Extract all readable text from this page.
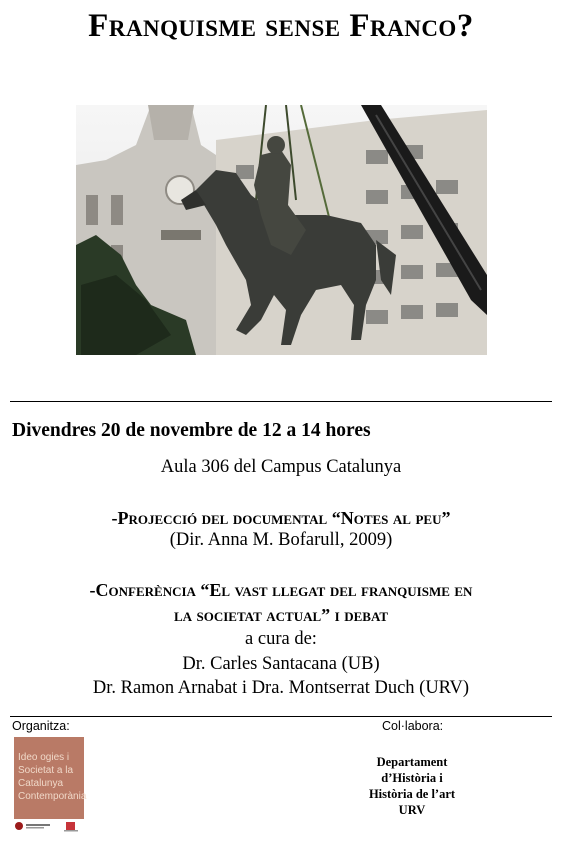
Franquisme sense Franco?
Divendres 20 de novembre de 12 a 14 hores
Aula 306 del Campus Catalunya
-Projecció del documental “Notes al peu”
(Dir. Anna M. Bofarull, 2009)
-Conferència “El vast llegat del franquisme en
la societat actual” i debat
a cura de:
Dr. Carles Santacana (UB)
Dr. Ramon Arnabat i Dra. Montserrat Duch (URV)
Organitza:	Col·labora:
Ideo ogies i
Societat a la
Catalunya
Contemporània
Departament
d’Història i
Història de l’art
URV
